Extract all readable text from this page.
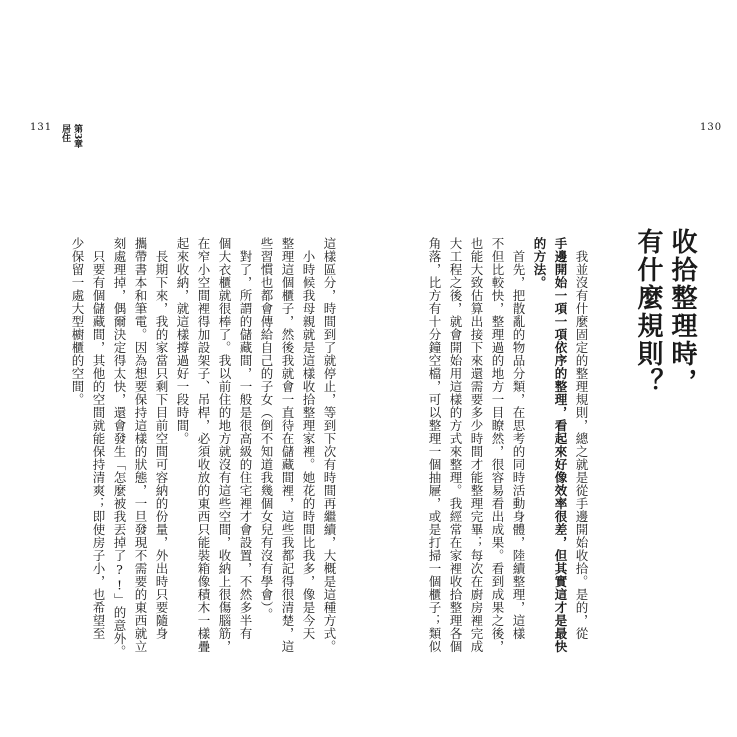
131 第3章
居住
這樣區分，時間到了就停止，等到下次有時間再繼續，大概是這種方式。
小時候我母親就是這樣收拾整理家裡。她花的時間比我多，像是今天
整理這個櫃子，然後我就會一直待在儲藏間裡，這些我都記得很清楚，這
些習慣也都會傳給自己的子女（倒不知道我幾個女兒有沒有學會）。
對了，所謂的儲藏間，一般是很高級的住宅裡才會設置，不然多半有
個大衣櫃就很棒了。我以前住的地方就沒有這些空間，收納上很傷腦筋，
在窄小空間裡得加設架子、吊桿，必須收放的東西只能裝箱像積木一樣疊
起來收納，就這樣撐過好一段時間。
長期下來，我的家當只剩下目前空間可容納的份量，外出時只要隨身
攜帶書本和筆電。因為想要保持這樣的狀態，一旦發現不需要的東西就立
刻處理掉，偶爾決定得太快，還會發生「怎麼被我丟掉了?!」的意外。
只要有個儲藏間，其他的空間就能保持清爽；即使房子小，也希望至
少保留一處大型櫥櫃的空間。
130
收拾整理時，
有什麼規則？
我並沒有什麼固定的整理規則，總之就是從手邊開始收拾。是的，從
手邊開始一項一項依序的整理，看起來好像效率很差，但其實這才是最快
的方法。
首先，把散亂的物品分類，在思考的同時活動身體，陸續整理，這樣
不但比較快，整理過的地方一目瞭然，很容易看出成果。看到成果之後，
也能大致估算出接下來還需要多少時間才能整理完畢；每次在廚房裡完成
大工程之後，就會開始用這樣的方式來整理。我經常在家裡收拾整理各個
角落，比方有十分鐘空檔，可以整理一個抽屜，或是打掃一個櫃子；類似
